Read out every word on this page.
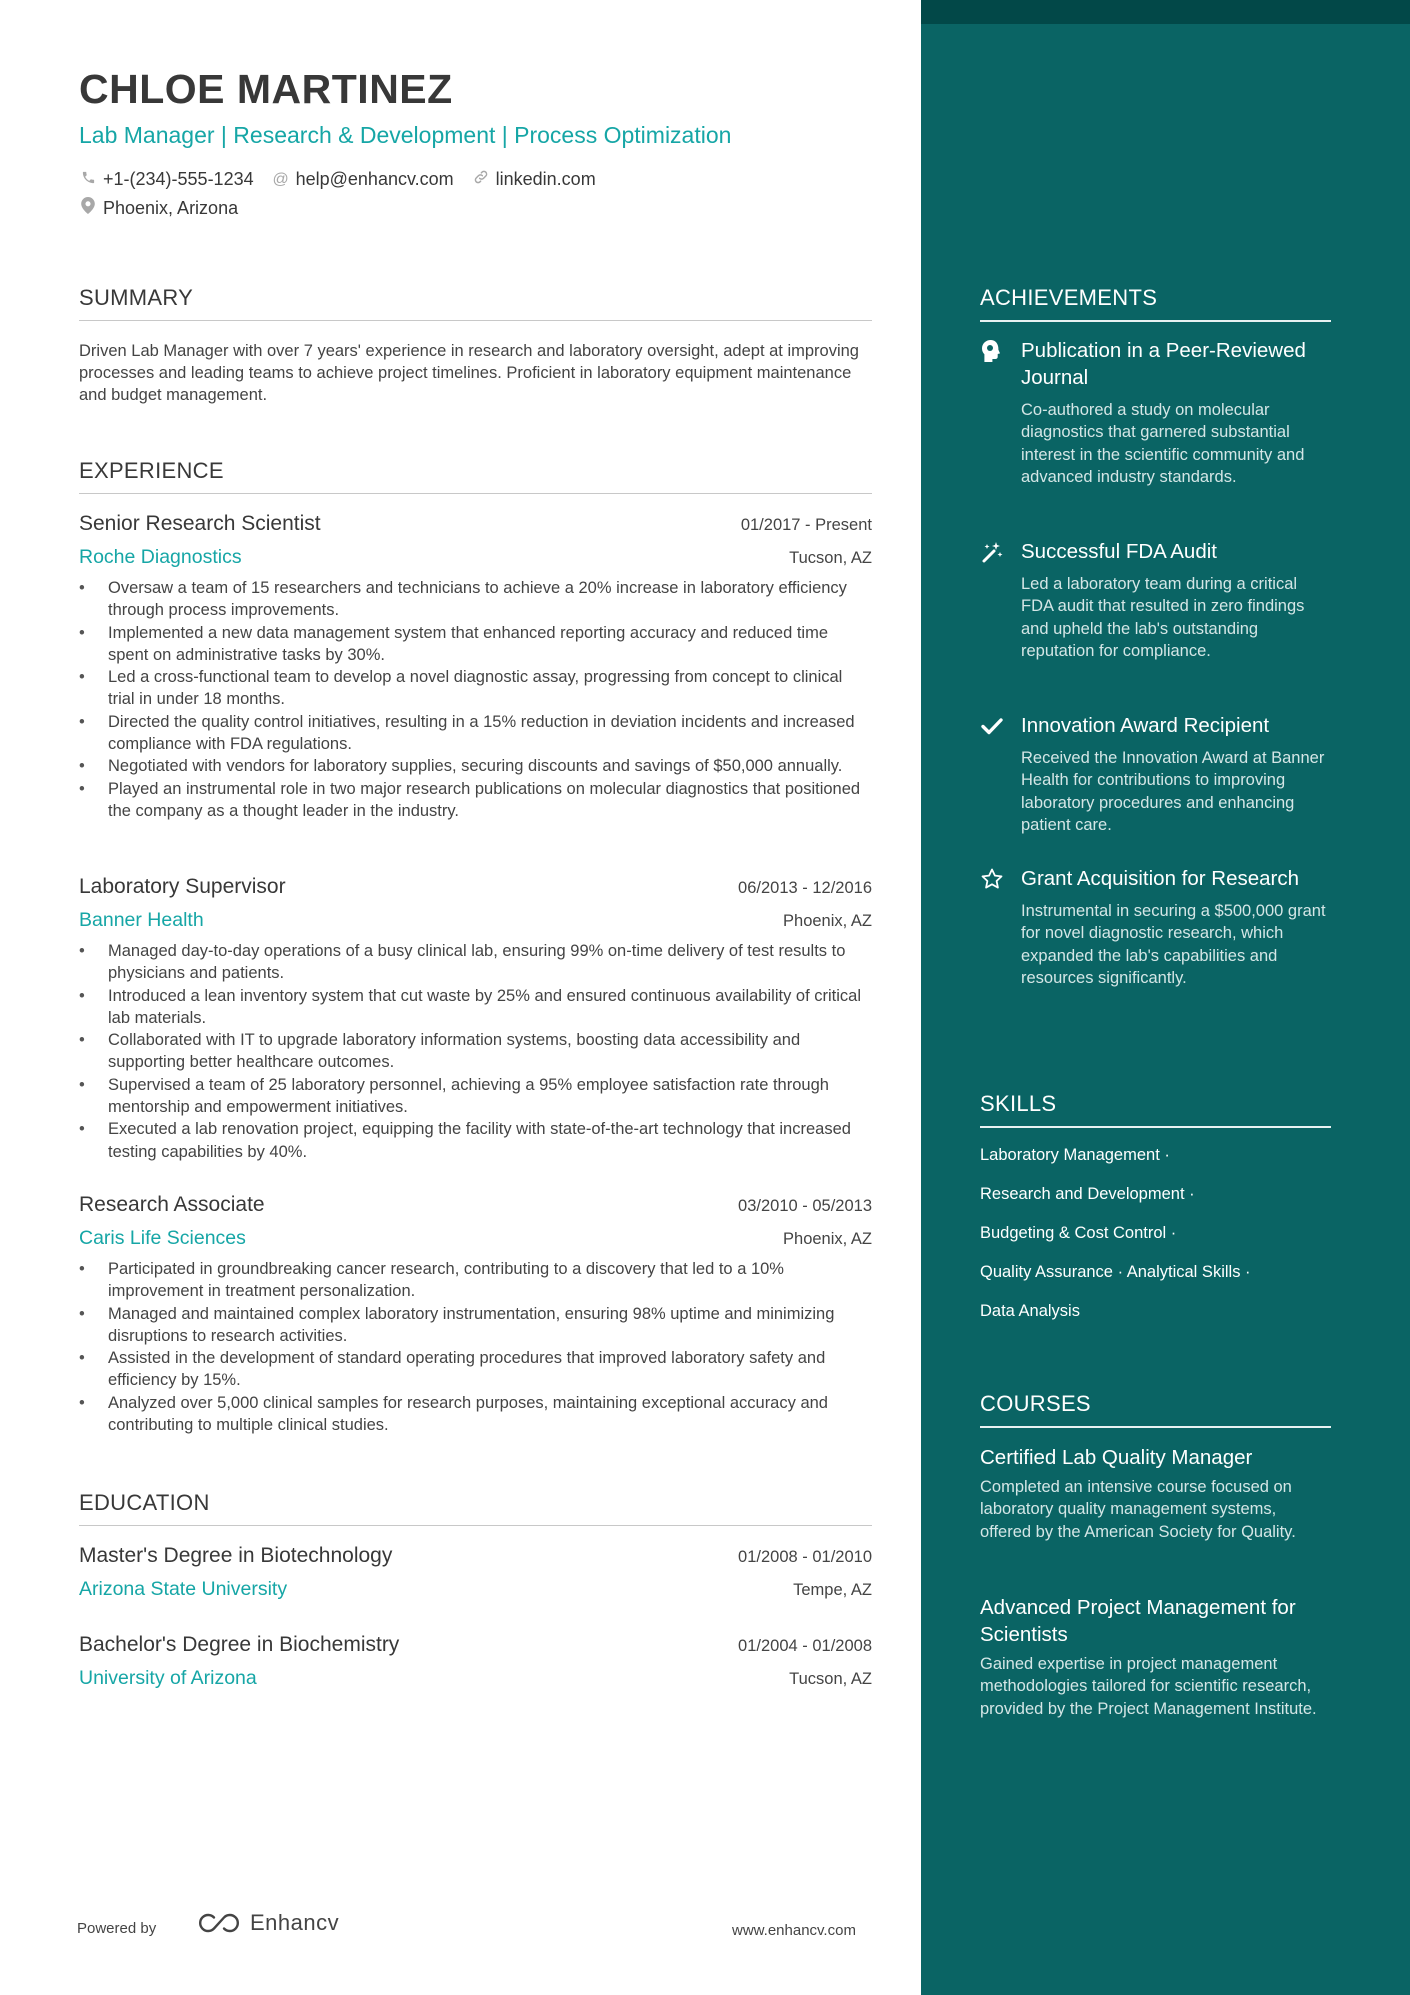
CHLOE MARTINEZ
Lab Manager | Research & Development | Process Optimization
+1-(234)-555-1234 @ help@enhancv.com linkedin.com
Phoenix, Arizona
SUMMARY
Driven Lab Manager with over 7 years' experience in research and laboratory oversight, adept at improving processes and leading teams to achieve project timelines. Proficient in laboratory equipment maintenance and budget management.
EXPERIENCE
Senior Research Scientist	01/2017 - Present
Roche Diagnostics	Tucson, AZ
• Oversaw a team of 15 researchers and technicians to achieve a 20% increase in laboratory efficiency through process improvements.
• Implemented a new data management system that enhanced reporting accuracy and reduced time spent on administrative tasks by 30%.
• Led a cross-functional team to develop a novel diagnostic assay, progressing from concept to clinical trial in under 18 months.
• Directed the quality control initiatives, resulting in a 15% reduction in deviation incidents and increased compliance with FDA regulations.
• Negotiated with vendors for laboratory supplies, securing discounts and savings of $50,000 annually.
• Played an instrumental role in two major research publications on molecular diagnostics that positioned the company as a thought leader in the industry.
Laboratory Supervisor	06/2013 - 12/2016
Banner Health	Phoenix, AZ
• Managed day-to-day operations of a busy clinical lab, ensuring 99% on-time delivery of test results to physicians and patients.
• Introduced a lean inventory system that cut waste by 25% and ensured continuous availability of critical lab materials.
• Collaborated with IT to upgrade laboratory information systems, boosting data accessibility and supporting better healthcare outcomes.
• Supervised a team of 25 laboratory personnel, achieving a 95% employee satisfaction rate through mentorship and empowerment initiatives.
• Executed a lab renovation project, equipping the facility with state-of-the-art technology that increased testing capabilities by 40%.
Research Associate	03/2010 - 05/2013
Caris Life Sciences	Phoenix, AZ
• Participated in groundbreaking cancer research, contributing to a discovery that led to a 10% improvement in treatment personalization.
• Managed and maintained complex laboratory instrumentation, ensuring 98% uptime and minimizing disruptions to research activities.
• Assisted in the development of standard operating procedures that improved laboratory safety and efficiency by 15%.
• Analyzed over 5,000 clinical samples for research purposes, maintaining exceptional accuracy and contributing to multiple clinical studies.
EDUCATION
Master's Degree in Biotechnology	01/2008 - 01/2010
Arizona State University	Tempe, AZ
Bachelor's Degree in Biochemistry	01/2004 - 01/2008
University of Arizona	Tucson, AZ
ACHIEVEMENTS
Publication in a Peer-Reviewed Journal
Co-authored a study on molecular diagnostics that garnered substantial interest in the scientific community and advanced industry standards.
Successful FDA Audit
Led a laboratory team during a critical FDA audit that resulted in zero findings and upheld the lab's outstanding reputation for compliance.
Innovation Award Recipient
Received the Innovation Award at Banner Health for contributions to improving laboratory procedures and enhancing patient care.
Grant Acquisition for Research
Instrumental in securing a $500,000 grant for novel diagnostic research, which expanded the lab's capabilities and resources significantly.
SKILLS
Laboratory Management ·
Research and Development ·
Budgeting & Cost Control ·
Quality Assurance · Analytical Skills ·
Data Analysis
COURSES
Certified Lab Quality Manager
Completed an intensive course focused on laboratory quality management systems, offered by the American Society for Quality.
Advanced Project Management for Scientists
Gained expertise in project management methodologies tailored for scientific research, provided by the Project Management Institute.
Powered by	Enhancv	www.enhancv.com
